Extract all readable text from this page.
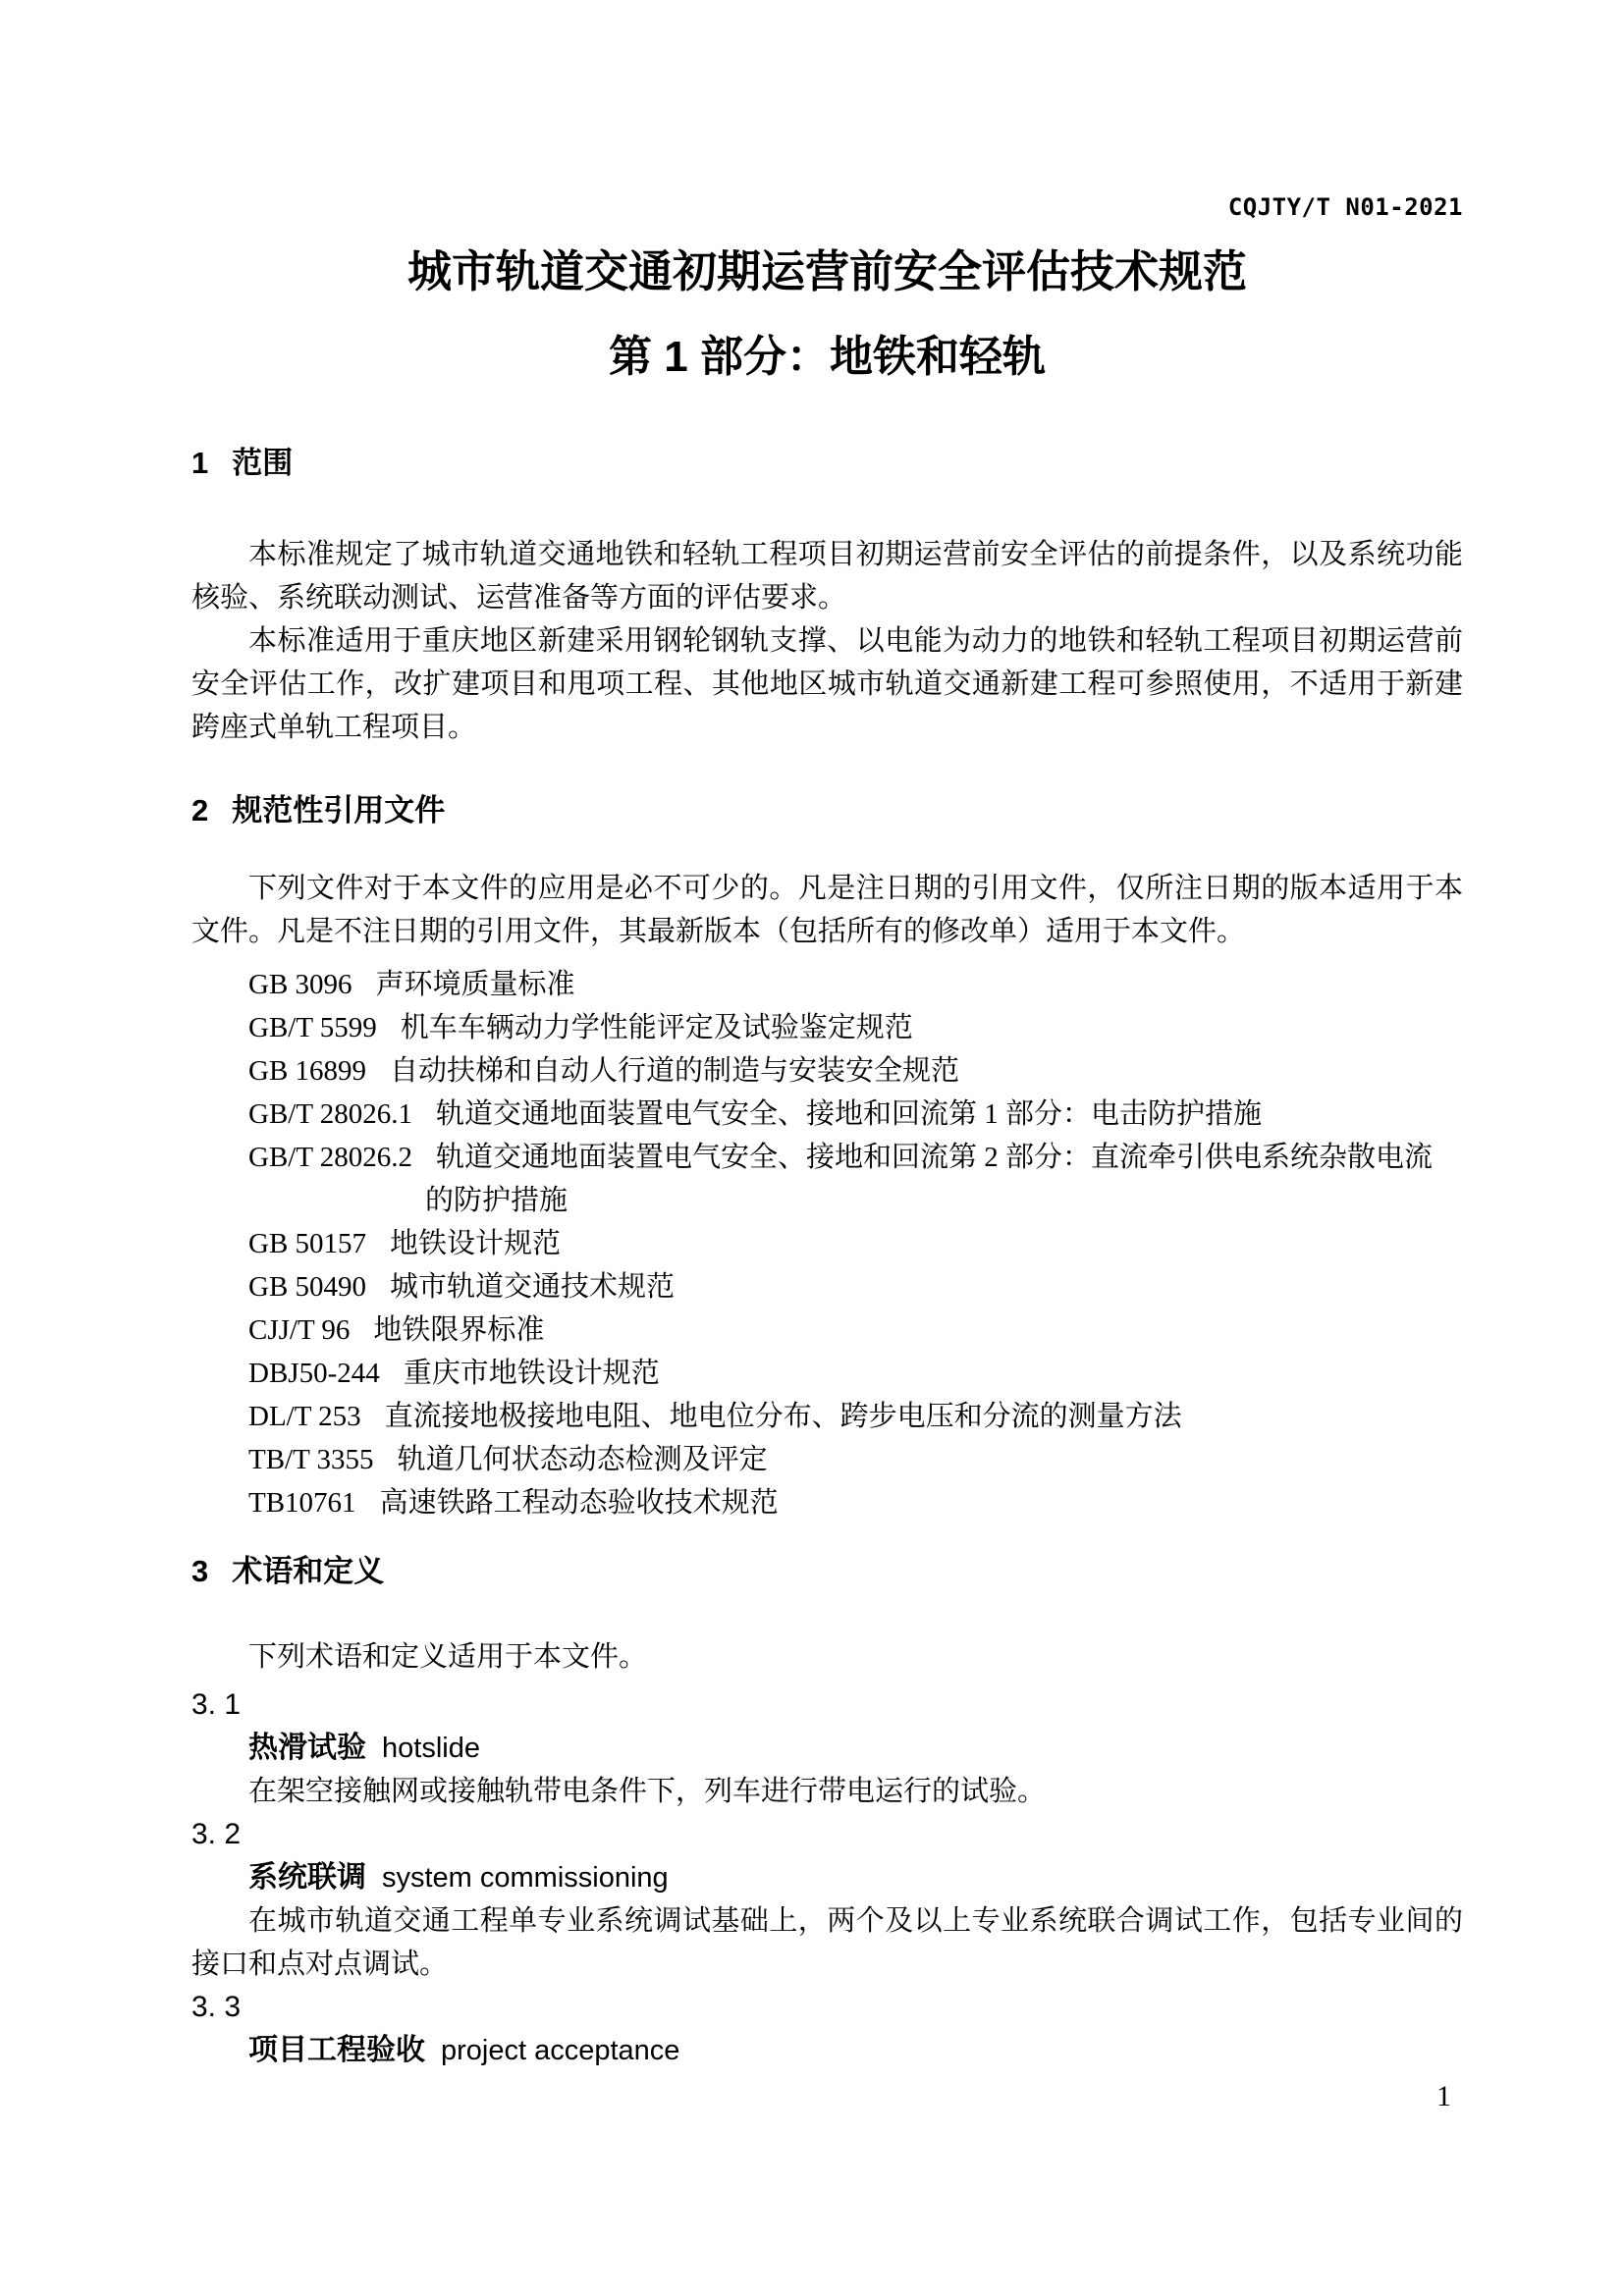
CQJTY/T N01-2021
城市轨道交通初期运营前安全评估技术规范
第 1 部分：地铁和轻轨
1 范围
本标准规定了城市轨道交通地铁和轻轨工程项目初期运营前安全评估的前提条件，以及系统功能核验、系统联动测试、运营准备等方面的评估要求。
本标准适用于重庆地区新建采用钢轮钢轨支撑、以电能为动力的地铁和轻轨工程项目初期运营前安全评估工作，改扩建项目和甩项工程、其他地区城市轨道交通新建工程可参照使用，不适用于新建跨座式单轨工程项目。
2 规范性引用文件
下列文件对于本文件的应用是必不可少的。凡是注日期的引用文件，仅所注日期的版本适用于本文件。凡是不注日期的引用文件，其最新版本（包括所有的修改单）适用于本文件。
GB 3096 声环境质量标准
GB/T 5599 机车车辆动力学性能评定及试验鉴定规范
GB 16899 自动扶梯和自动人行道的制造与安装安全规范
GB/T 28026.1 轨道交通地面装置电气安全、接地和回流第 1 部分：电击防护措施
GB/T 28026.2 轨道交通地面装置电气安全、接地和回流第 2 部分：直流牵引供电系统杂散电流
的防护措施
GB 50157 地铁设计规范
GB 50490 城市轨道交通技术规范
CJJ/T 96 地铁限界标准
DBJ50-244 重庆市地铁设计规范
DL/T 253 直流接地极接地电阻、地电位分布、跨步电压和分流的测量方法
TB/T 3355 轨道几何状态动态检测及评定
TB10761 高速铁路工程动态验收技术规范
3 术语和定义
下列术语和定义适用于本文件。
3. 1
热滑试验 hotslide
在架空接触网或接触轨带电条件下，列车进行带电运行的试验。
3. 2
系统联调 system commissioning
在城市轨道交通工程单专业系统调试基础上，两个及以上专业系统联合调试工作，包括专业间的接口和点对点调试。
3. 3
项目工程验收 project acceptance
1
